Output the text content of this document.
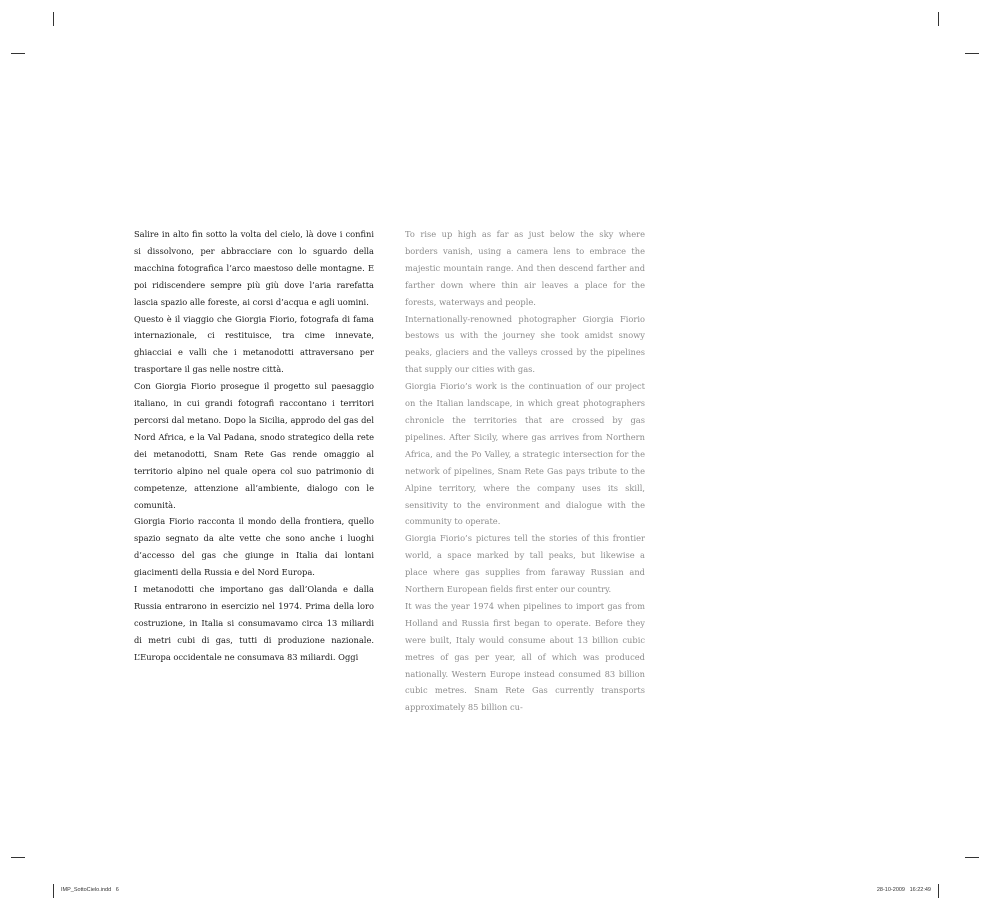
Salire in alto fin sotto la volta del cielo, là dove i confini si dissolvono, per abbracciare con lo sguardo della macchina fotografica l’arco maestoso delle montagne. E poi ridiscendere sempre più giù dove l’aria rarefatta lascia spazio alle foreste, ai corsi d’acqua e agli uomini.

Questo è il viaggio che Giorgia Fiorio, fotografa di fama internazionale, ci restituisce, tra cime innevate, ghiacciai e valli che i metanodotti attraversano per trasportare il gas nelle nostre città.

Con Giorgia Fiorio prosegue il progetto sul paesaggio italiano, in cui grandi fotografi raccontano i territori percorsi dal metano. Dopo la Sicilia, approdo del gas del Nord Africa, e la Val Padana, snodo strategico della rete dei metanodotti, Snam Rete Gas rende omaggio al territorio alpino nel quale opera col suo patrimonio di competenze, attenzione all’ambiente, dialogo con le comunità.

Giorgia Fiorio racconta il mondo della frontiera, quello spazio segnato da alte vette che sono anche i luoghi d’accesso del gas che giunge in Italia dai lontani giacimenti della Russia e del Nord Europa.

I metanodotti che importano gas dall’Olanda e dalla Russia entrarono in esercizio nel 1974. Prima della loro costruzione, in Italia si consumavamo circa 13 miliardi di metri cubi di gas, tutti di produzione nazionale. L’Europa occidentale ne consumava 83 miliardi. Oggi

To rise up high as far as just below the sky where borders vanish, using a camera lens to embrace the majestic mountain range. And then descend farther and farther down where thin air leaves a place for the forests, waterways and people.

Internationally-renowned photographer Giorgia Fiorio bestows us with the journey she took amidst snowy peaks, glaciers and the valleys crossed by the pipelines that supply our cities with gas.

Giorgia Fiorio’s work is the continuation of our project on the Italian landscape, in which great photographers chronicle the territories that are crossed by gas pipelines. After Sicily, where gas arrives from Northern Africa, and the Po Valley, a strategic intersection for the network of pipelines, Snam Rete Gas pays tribute to the Alpine territory, where the company uses its skill, sensitivity to the environment and dialogue with the community to operate.

Giorgia Fiorio’s pictures tell the stories of this frontier world, a space marked by tall peaks, but likewise a place where gas supplies from faraway Russian and Northern European fields first enter our country.

It was the year 1974 when pipelines to import gas from Holland and Russia first began to operate. Before they were built, Italy would consume about 13 billion cubic metres of gas per year, all of which was produced nationally. Western Europe instead consumed 83 billion cubic metres. Snam Rete Gas currently transports approximately 85 billion cu-

IMP_SottoCielo.indd   6	28-10-2009   16:22:49
